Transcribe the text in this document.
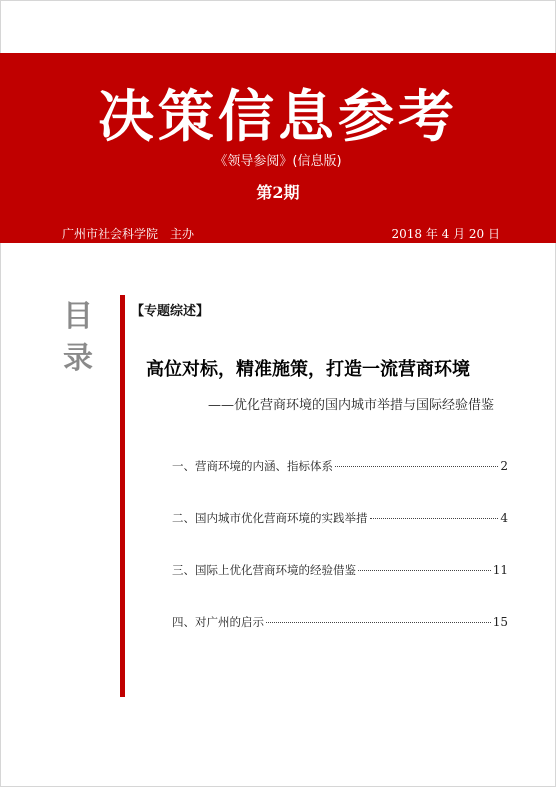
决策信息参考
《领导参阅》(信息版)
第2期
广州市社会科学院　主办	2018 年 4 月 20 日
目
录
【专题综述】
高位对标，精准施策，打造一流营商环境
——优化营商环境的国内城市举措与国际经验借鉴
一、营商环境的内涵、指标体系	2
二、国内城市优化营商环境的实践举措	4
三、国际上优化营商环境的经验借鉴	11
四、对广州的启示	15
